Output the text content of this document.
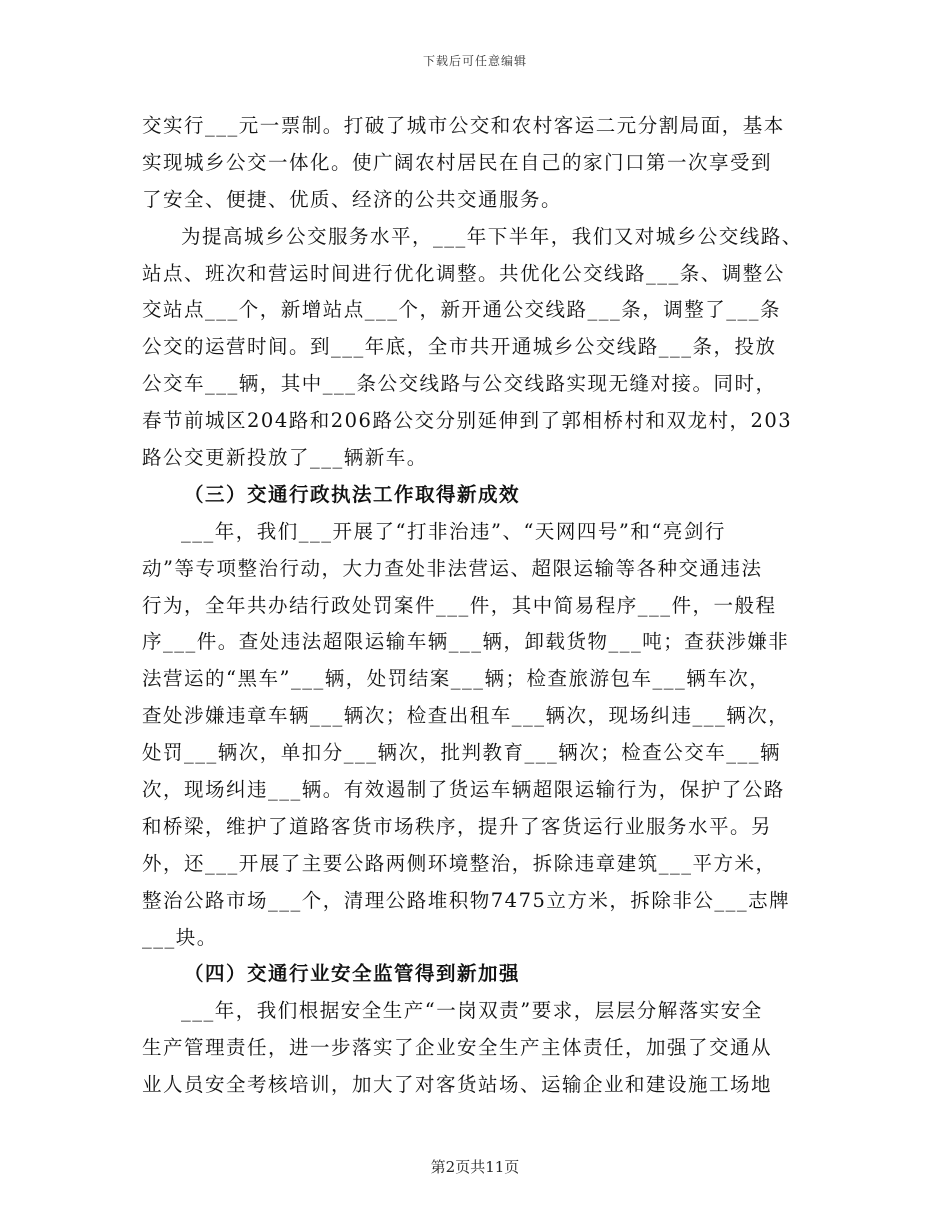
下载后可任意编辑
交实行___元一票制。打破了城市公交和农村客运二元分割局面，基本
实现城乡公交一体化。使广阔农村居民在自己的家门口第一次享受到
了安全、便捷、优质、经济的公共交通服务。
为提高城乡公交服务水平，___年下半年，我们又对城乡公交线路、
站点、班次和营运时间进行优化调整。共优化公交线路___条、调整公
交站点___个，新增站点___个，新开通公交线路___条，调整了___条
公交的运营时间。到___年底，全市共开通城乡公交线路___条，投放
公交车___辆，其中___条公交线路与公交线路实现无缝对接。同时，
春节前城区204路和206路公交分别延伸到了郭相桥村和双龙村，203
路公交更新投放了___辆新车。
（三）交通行政执法工作取得新成效
___年，我们___开展了“打非治违”、“天网四号”和“亮剑行
动”等专项整治行动，大力查处非法营运、超限运输等各种交通违法
行为，全年共办结行政处罚案件___件，其中简易程序___件，一般程
序___件。查处违法超限运输车辆___辆，卸载货物___吨；查获涉嫌非
法营运的“黑车”___辆，处罚结案___辆；检查旅游包车___辆车次，
查处涉嫌违章车辆___辆次；检查出租车___辆次，现场纠违___辆次，
处罚___辆次，单扣分___辆次，批判教育___辆次；检查公交车___辆
次，现场纠违___辆。有效遏制了货运车辆超限运输行为，保护了公路
和桥梁，维护了道路客货市场秩序，提升了客货运行业服务水平。另
外，还___开展了主要公路两侧环境整治，拆除违章建筑___平方米，
整治公路市场___个，清理公路堆积物7475立方米，拆除非公___志牌
___块。
（四）交通行业安全监管得到新加强
___年，我们根据安全生产“一岗双责”要求，层层分解落实安全
生产管理责任，进一步落实了企业安全生产主体责任，加强了交通从
业人员安全考核培训，加大了对客货站场、运输企业和建设施工场地
第2页共11页
